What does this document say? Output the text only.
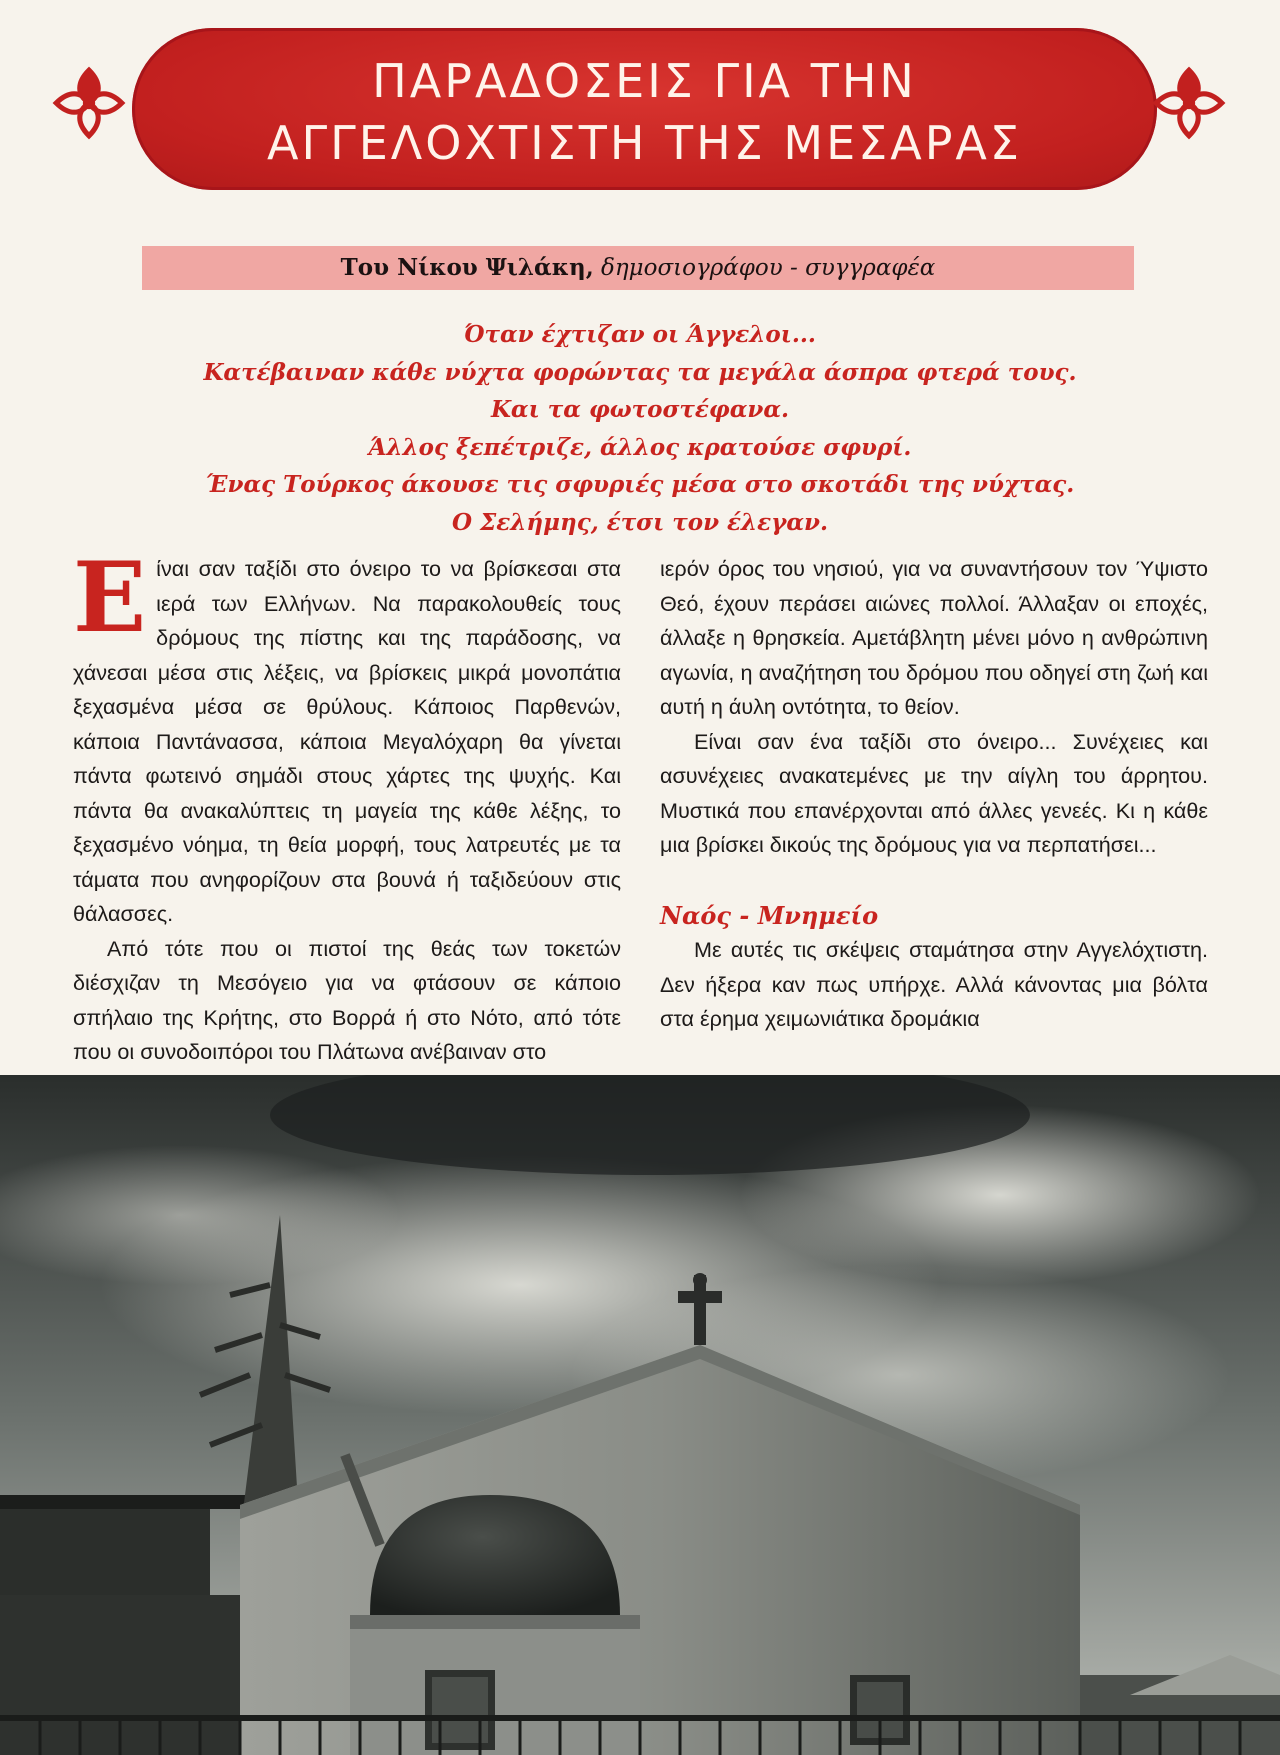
ΠΑΡΑΔΟΣΕΙΣ ΓΙΑ ΤΗΝ
ΑΓΓΕΛΟΧΤΙΣΤΗ ΤΗΣ ΜΕΣΑΡΑΣ
Του Νίκου Ψιλάκη, δημοσιογράφου - συγγραφέα
Όταν έχτιζαν οι Άγγελοι...
Κατέβαιναν κάθε νύχτα φορώντας τα μεγάλα άσπρα φτερά τους.
Και τα φωτοστέφανα.
Άλλος ξεπέτριζε, άλλος κρατούσε σφυρί.
Ένας Τούρκος άκουσε τις σφυριές μέσα στο σκοτάδι της νύχτας.
Ο Σελήμης, έτσι τον έλεγαν.

Είναι σαν ταξίδι στο όνειρο το να βρίσκεσαι στα ιερά των Ελλήνων. Να παρακολουθείς τους δρόμους της πίστης και της παράδοσης, να χάνεσαι μέσα στις λέξεις, να βρίσκεις μικρά μονοπάτια ξεχασμένα μέσα σε θρύλους. Κάποιος Παρθενών, κάποια Παντάνασσα, κάποια Μεγαλόχαρη θα γίνεται πάντα φωτεινό σημάδι στους χάρτες της ψυχής. Και πάντα θα ανακαλύπτεις τη μαγεία της κάθε λέξης, το ξεχασμένο νόημα, τη θεία μορφή, τους λατρευτές με τα τάματα που ανηφορίζουν στα βουνά ή ταξιδεύουν στις θάλασσες.

Από τότε που οι πιστοί της θεάς των τοκετών διέσχιζαν τη Μεσόγειο για να φτάσουν σε κάποιο σπήλαιο της Κρήτης, στο Βορρά ή στο Νότο, από τότε που οι συνοδοιπόροι του Πλάτωνα ανέβαιναν στο

ιερόν όρος του νησιού, για να συναντήσουν τον Ύψιστο Θεό, έχουν περάσει αιώνες πολλοί. Άλλαξαν οι εποχές, άλλαξε η θρησκεία. Αμετάβλητη μένει μόνο η ανθρώπινη αγωνία, η αναζήτηση του δρόμου που οδηγεί στη ζωή και αυτή η άυλη οντότητα, το θείον.

Είναι σαν ένα ταξίδι στο όνειρο... Συνέχειες και ασυνέχειες ανακατεμένες με την αίγλη του άρρητου. Μυστικά που επανέρχονται από άλλες γενεές. Κι η κάθε μια βρίσκει δικούς της δρόμους για να περπατήσει...

Ναός - Μνημείο

Με αυτές τις σκέψεις σταμάτησα στην Αγγελόχτιστη. Δεν ήξερα καν πως υπήρχε. Αλλά κάνοντας μια βόλτα στα έρημα χειμωνιάτικα δρομάκια
